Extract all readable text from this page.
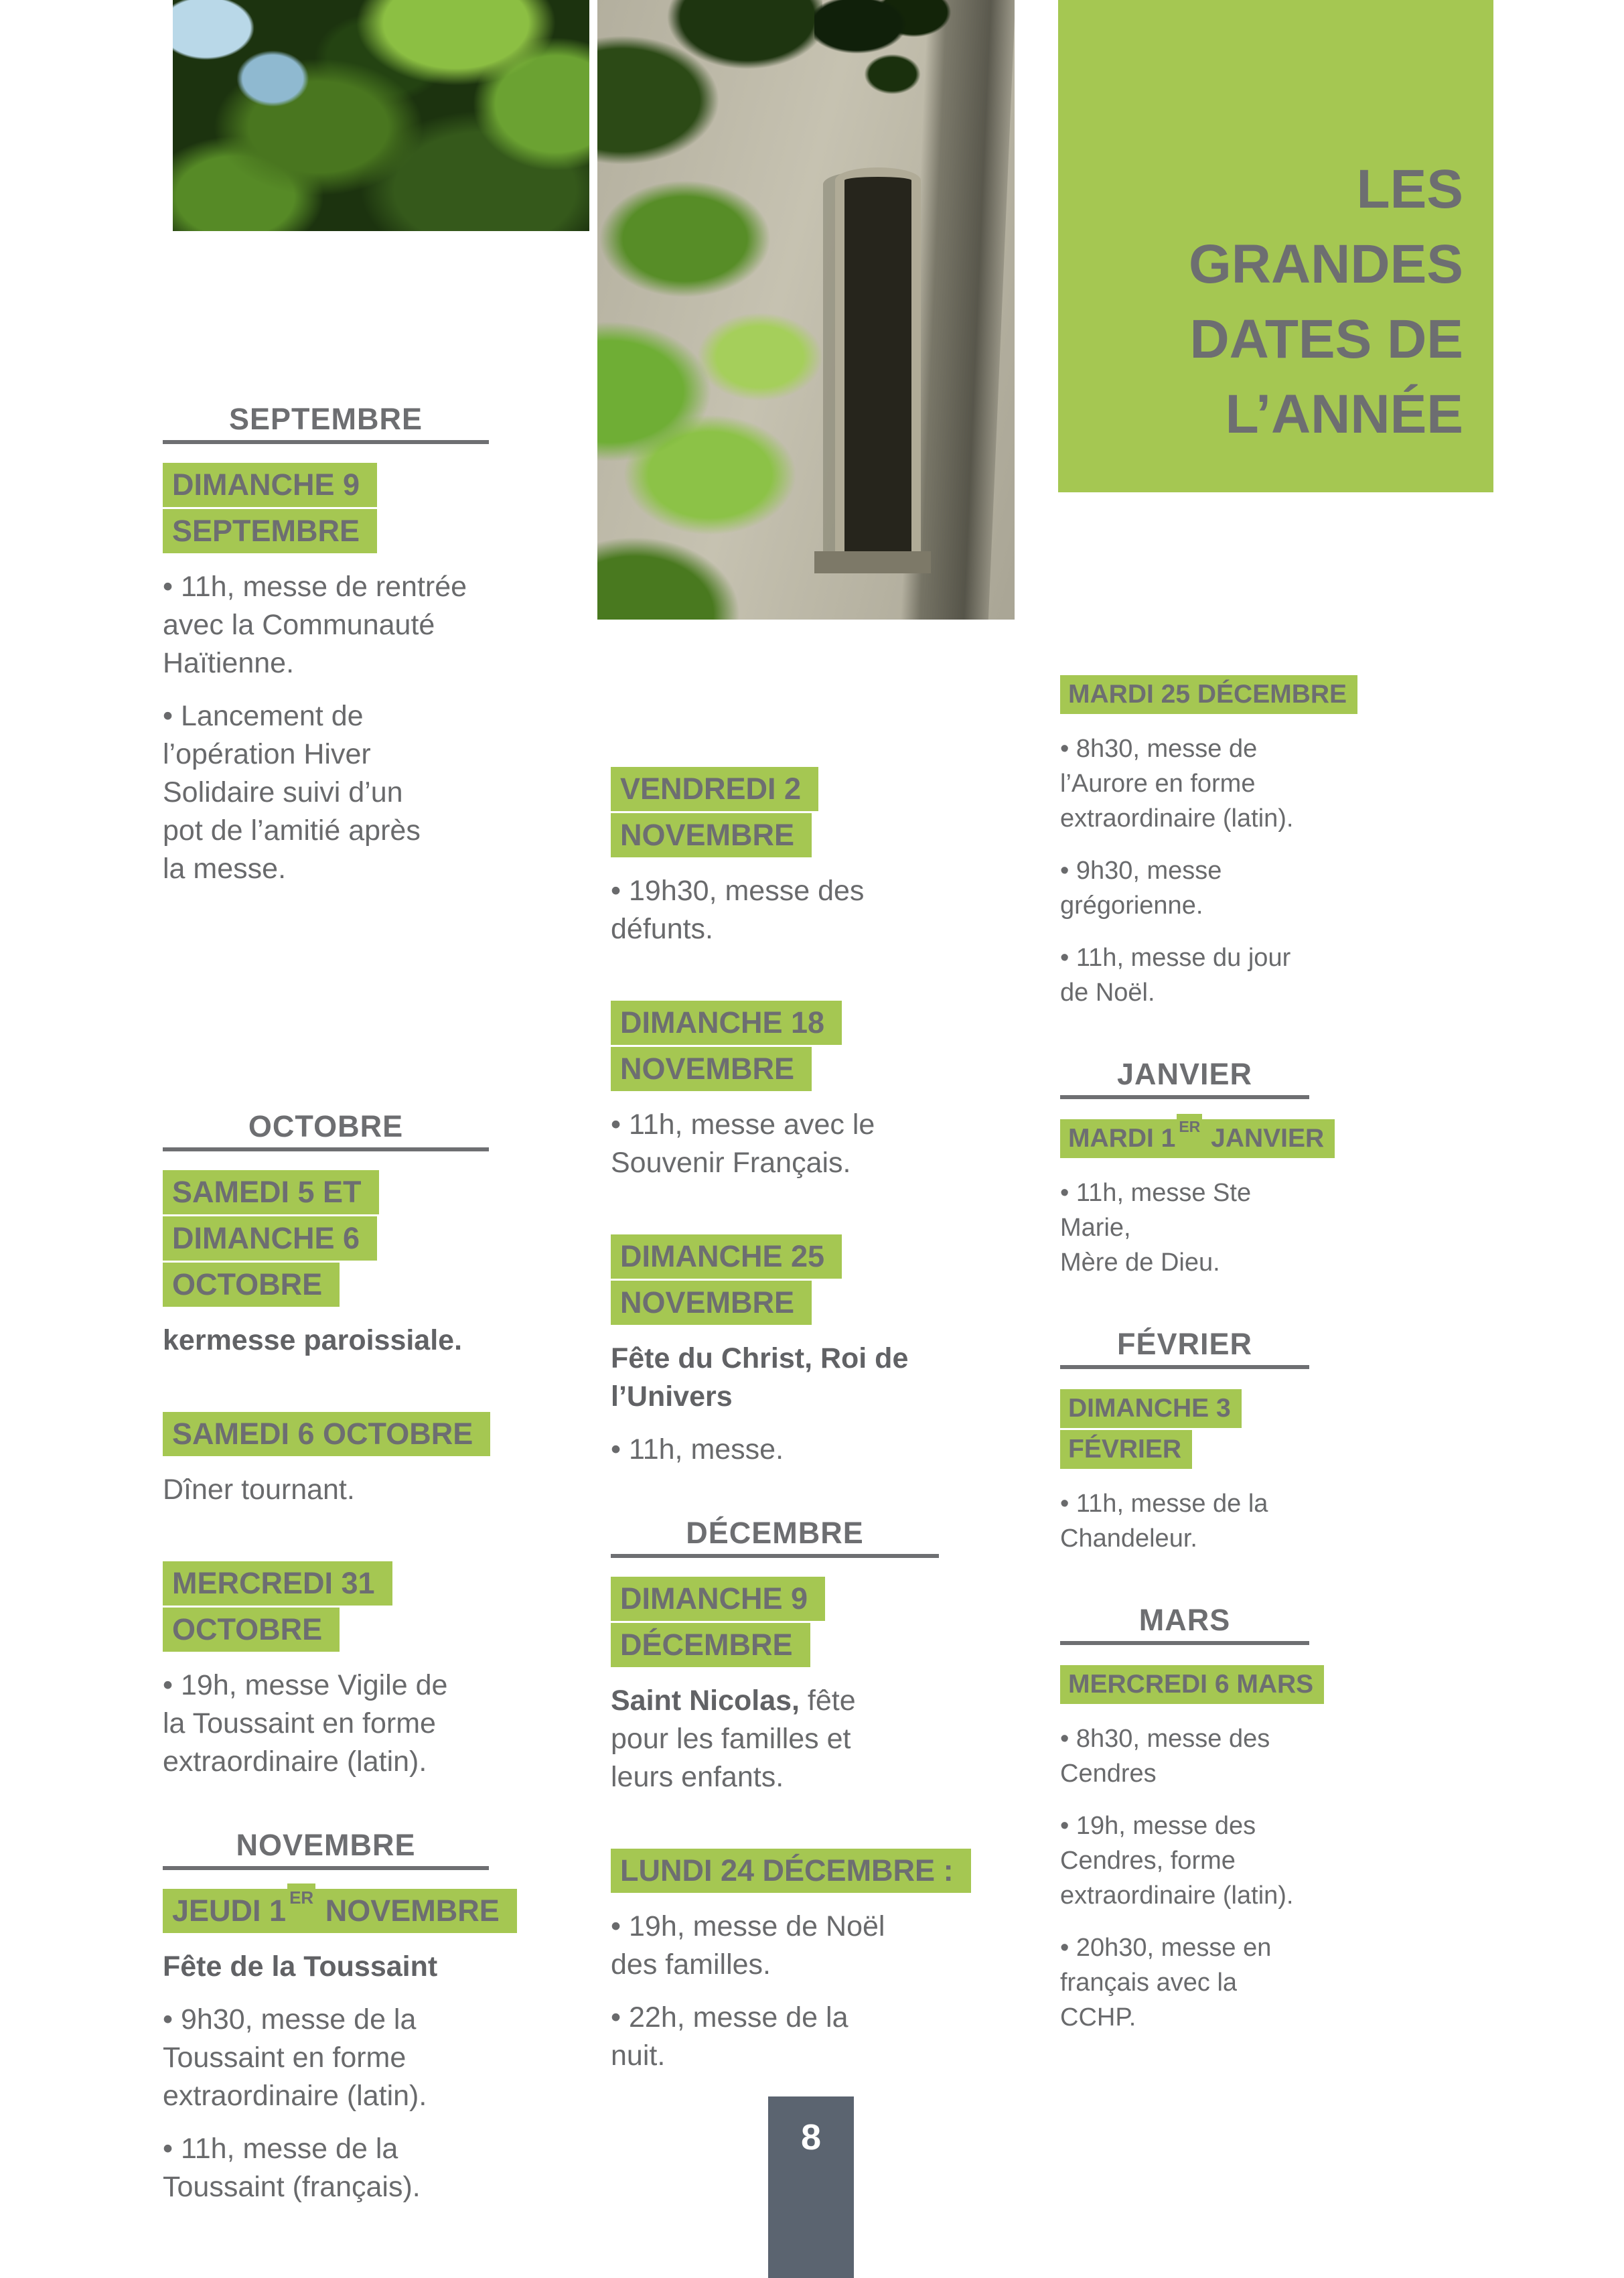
LES
GRANDES
DATES DE
L’ANNÉE
SEPTEMBRE
DIMANCHE 9
SEPTEMBRE
• 11h, messe de rentrée
avec la Communauté
Haïtienne.
• Lancement de
l’opération Hiver
Solidaire suivi d’un
pot de l’amitié après
la messe.
OCTOBRE
SAMEDI 5 ET
DIMANCHE 6
OCTOBRE
kermesse paroissiale.
SAMEDI 6 OCTOBRE
Dîner tournant.
MERCREDI 31
OCTOBRE
• 19h, messe Vigile de
la Toussaint en forme
extraordinaire (latin).
NOVEMBRE
JEUDI 1 ER NOVEMBRE
Fête de la Toussaint
• 9h30, messe de la
Toussaint en forme
extraordinaire (latin).
• 11h, messe de la
Toussaint (français).
VENDREDI 2
NOVEMBRE
• 19h30, messe des
défunts.
DIMANCHE 18
NOVEMBRE
• 11h, messe avec le
Souvenir Français.
DIMANCHE 25
NOVEMBRE
Fête du Christ, Roi de
l’Univers
• 11h, messe.
DÉCEMBRE
DIMANCHE 9
DÉCEMBRE
Saint Nicolas, fête
pour les familles et
leurs enfants.
LUNDI 24 DÉCEMBRE :
• 19h, messe de Noël
des familles.
• 22h, messe de la
nuit.
MARDI 25 DÉCEMBRE
• 8h30, messe de
l’Aurore en forme
extraordinaire (latin).
• 9h30, messe
grégorienne.
• 11h, messe du jour
de Noël.
JANVIER
MARDI 1 ER JANVIER
• 11h, messe Ste Marie,
Mère de Dieu.
FÉVRIER
DIMANCHE 3
FÉVRIER
• 11h, messe de la
Chandeleur.
MARS
MERCREDI 6 MARS
• 8h30, messe des
Cendres
• 19h, messe des
Cendres, forme
extraordinaire (latin).
• 20h30, messe en
français avec la CCHP.
8
